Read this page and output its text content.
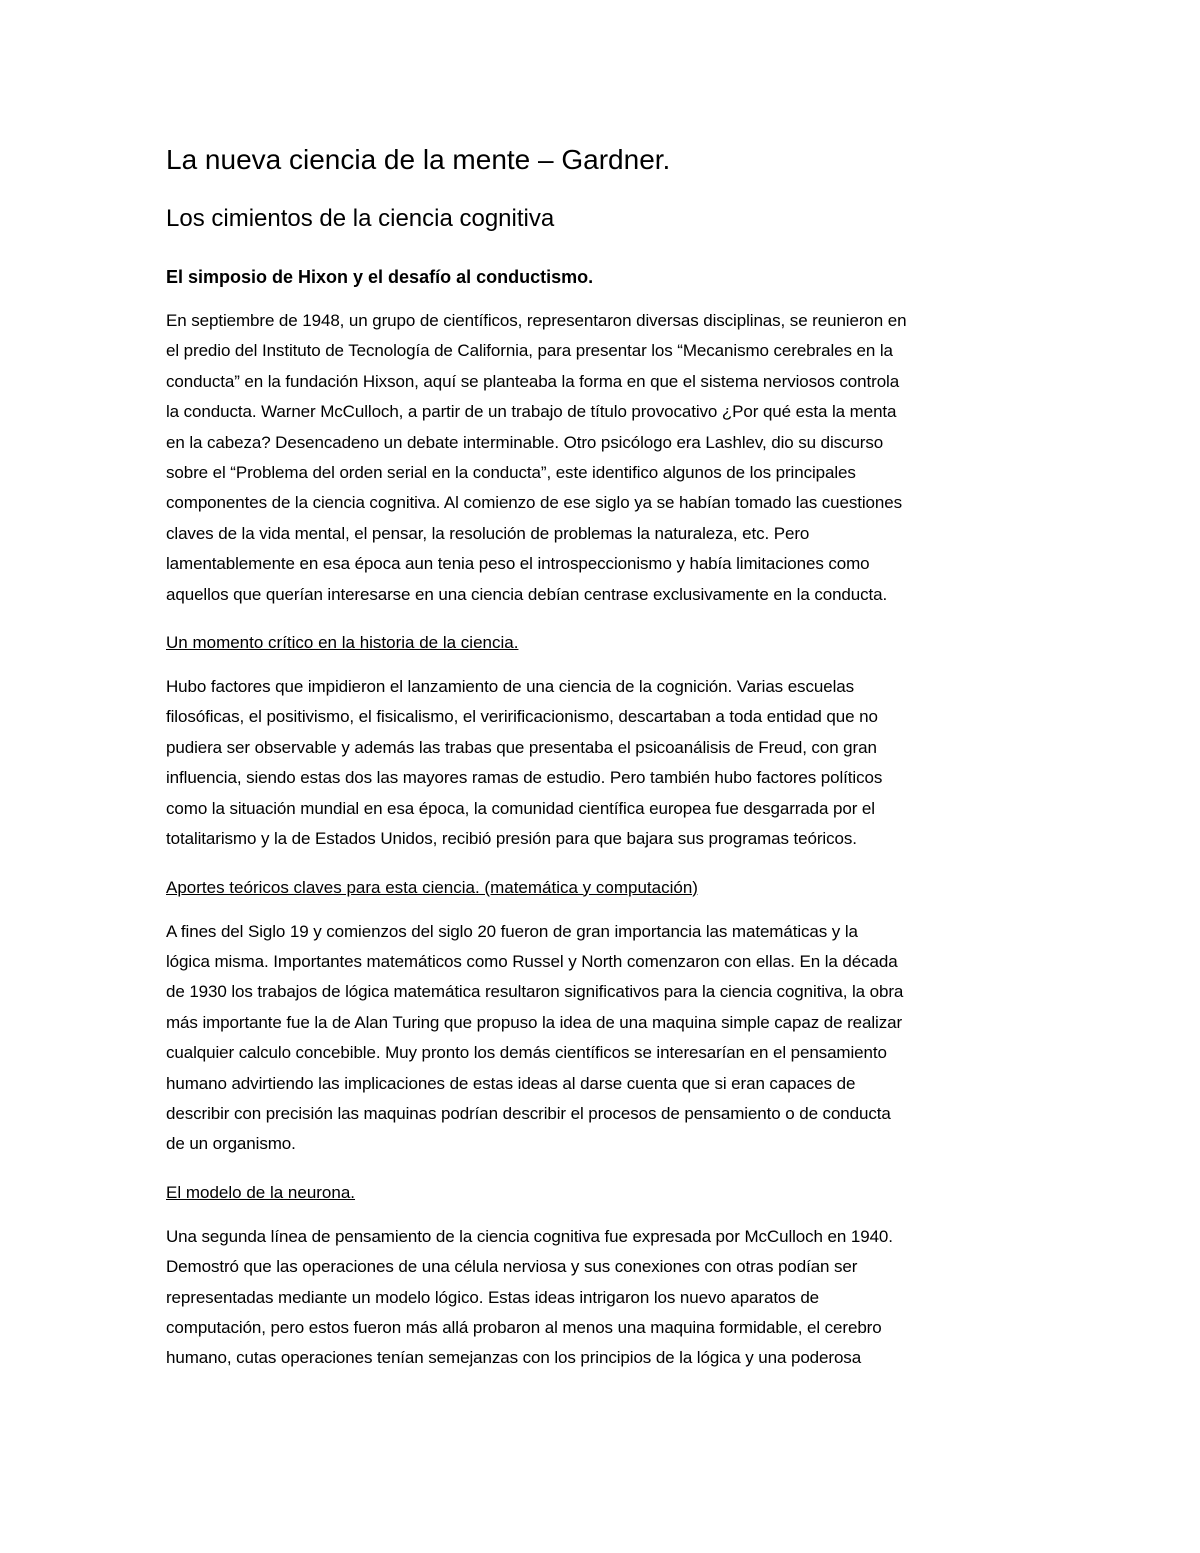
La nueva ciencia de la mente – Gardner.
Los cimientos de la ciencia cognitiva
El simposio de Hixon y el desafío al conductismo.

En septiembre de 1948, un grupo de científicos, representaron diversas disciplinas, se reunieron en
el predio del Instituto de Tecnología de California, para presentar los “Mecanismo cerebrales en la
conducta” en la fundación Hixson, aquí se planteaba la forma en que el sistema nerviosos controla
la conducta. Warner McCulloch, a partir de un trabajo de título provocativo ¿Por qué esta la menta
en la cabeza? Desencadeno un debate interminable. Otro psicólogo era Lashlev, dio su discurso
sobre el “Problema del orden serial en la conducta”, este identifico algunos de los principales
componentes de la ciencia cognitiva. Al comienzo de ese siglo ya se habían tomado las cuestiones
claves de la vida mental, el pensar, la resolución de problemas la naturaleza, etc. Pero
lamentablemente en esa época aun tenia peso el introspeccionismo y había limitaciones como
aquellos que querían interesarse en una ciencia debían centrase exclusivamente en la conducta.

Un momento crítico en la historia de la ciencia.

Hubo factores que impidieron el lanzamiento de una ciencia de la cognición. Varias escuelas
filosóficas, el positivismo, el fisicalismo, el veririficacionismo, descartaban a toda entidad que no
pudiera ser observable y además las trabas que presentaba el psicoanálisis de Freud, con gran
influencia, siendo estas dos las mayores ramas de estudio. Pero también hubo factores políticos
como la situación mundial en esa época, la comunidad científica europea fue desgarrada por el
totalitarismo y la de Estados Unidos, recibió presión para que bajara sus programas teóricos.

Aportes teóricos claves para esta ciencia. (matemática y computación)

A fines del Siglo 19 y comienzos del siglo 20 fueron de gran importancia las matemáticas y la
lógica misma. Importantes matemáticos como Russel y North comenzaron con ellas. En la década
de 1930 los trabajos de lógica matemática resultaron significativos para la ciencia cognitiva, la obra
más importante fue la de Alan Turing que propuso la idea de una maquina simple capaz de realizar
cualquier calculo concebible. Muy pronto los demás científicos se interesarían en el pensamiento
humano advirtiendo las implicaciones de estas ideas al darse cuenta que si eran capaces de
describir con precisión las maquinas podrían describir el procesos de pensamiento o de conducta
de un organismo.

El modelo de la neurona.

Una segunda línea de pensamiento de la ciencia cognitiva fue expresada por McCulloch en 1940.
Demostró que las operaciones de una célula nerviosa y sus conexiones con otras podían ser
representadas mediante un modelo lógico. Estas ideas intrigaron los nuevo aparatos de
computación, pero estos fueron más allá probaron al menos una maquina formidable, el cerebro
humano, cutas operaciones tenían semejanzas con los principios de la lógica y una poderosa
